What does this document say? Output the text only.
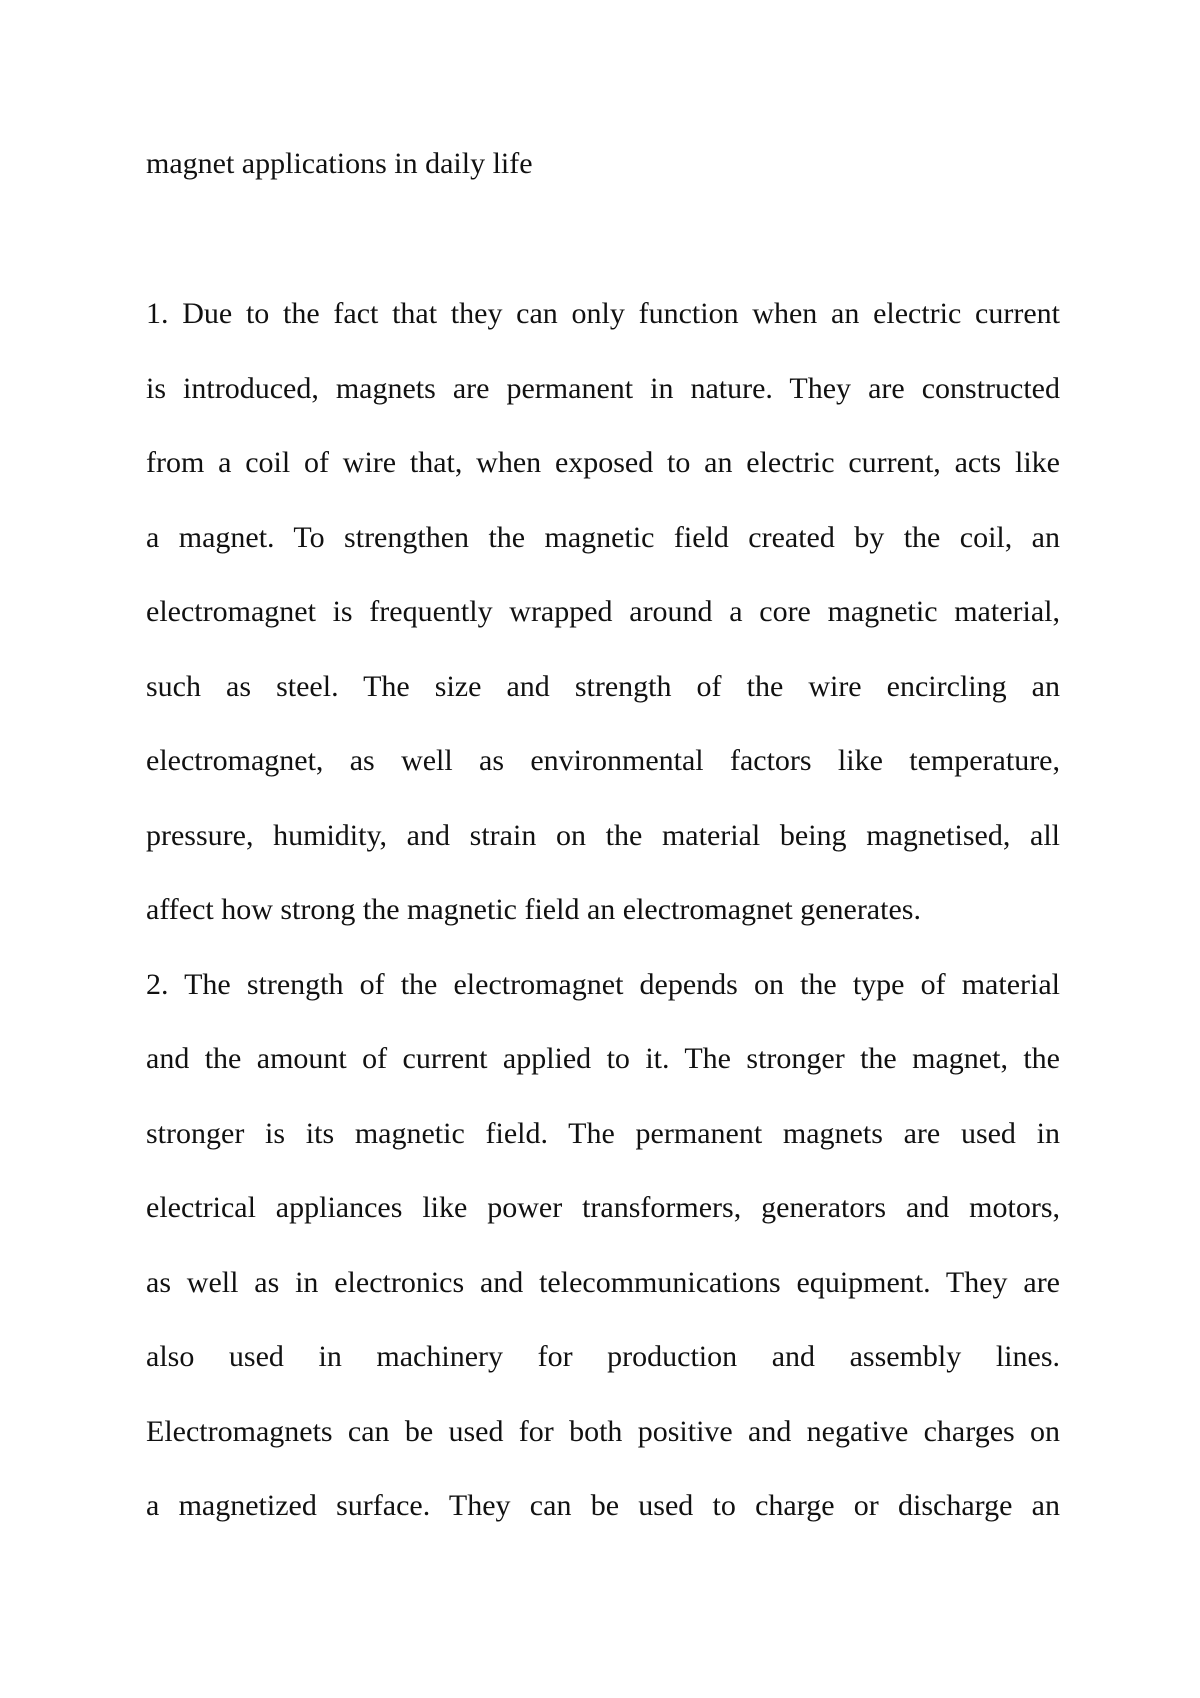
magnet applications in daily life
1. Due to the fact that they can only function when an electric current
is introduced, magnets are permanent in nature. They are constructed
from a coil of wire that, when exposed to an electric current, acts like
a magnet. To strengthen the magnetic field created by the coil, an
electromagnet is frequently wrapped around a core magnetic material,
such as steel. The size and strength of the wire encircling an
electromagnet, as well as environmental factors like temperature,
pressure, humidity, and strain on the material being magnetised, all
affect how strong the magnetic field an electromagnet generates.
2. The strength of the electromagnet depends on the type of material
and the amount of current applied to it. The stronger the magnet, the
stronger is its magnetic field. The permanent magnets are used in
electrical appliances like power transformers, generators and motors,
as well as in electronics and telecommunications equipment. They are
also used in machinery for production and assembly lines.
Electromagnets can be used for both positive and negative charges on
a magnetized surface. They can be used to charge or discharge an
